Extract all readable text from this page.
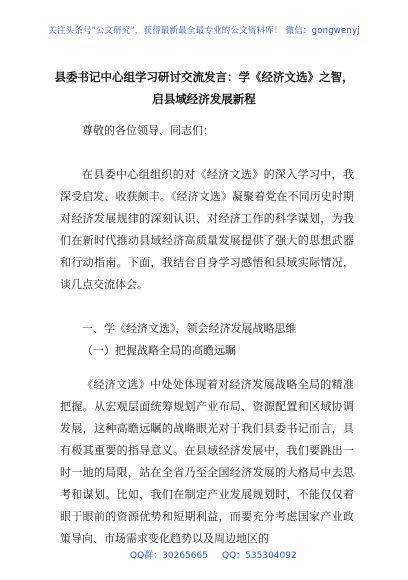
关注头条号"公文研究"，获得最新最全最专业的公文资料库！ 微信：gongwenyj
县委书记中心组学习研讨交流发言：学《经济文选》之智，
启县域经济发展新程
尊敬的各位领导、同志们：
在县委中心组组织的对《经济文选》的深入学习中，我深受启发、收获颇丰。《经济文选》凝聚着党在不同历史时期对经济发展规律的深刻认识、对经济工作的科学谋划，为我们在新时代推动县域经济高质量发展提供了强大的思想武器和行动指南。下面，我结合自身学习感悟和县域实际情况，谈几点交流体会。
一、学《经济文选》，领会经济发展战略思维
（一）把握战略全局的高瞻远瞩
《经济文选》中处处体现着对经济发展战略全局的精准把握。从宏观层面统筹规划产业布局、资源配置和区域协调发展，这种高瞻远瞩的战略眼光对于我们县委书记而言，具有极其重要的指导意义。在县域经济发展中，我们要跳出一时一地的局限，站在全省乃至全国经济发展的大格局中去思考和谋划。比如，我们在制定产业发展规划时，不能仅仅着眼于眼前的资源优势和短期利益，而要充分考虑国家产业政策导向、市场需求变化趋势以及周边地区的
QQ群：30265665 QQ：535304092
